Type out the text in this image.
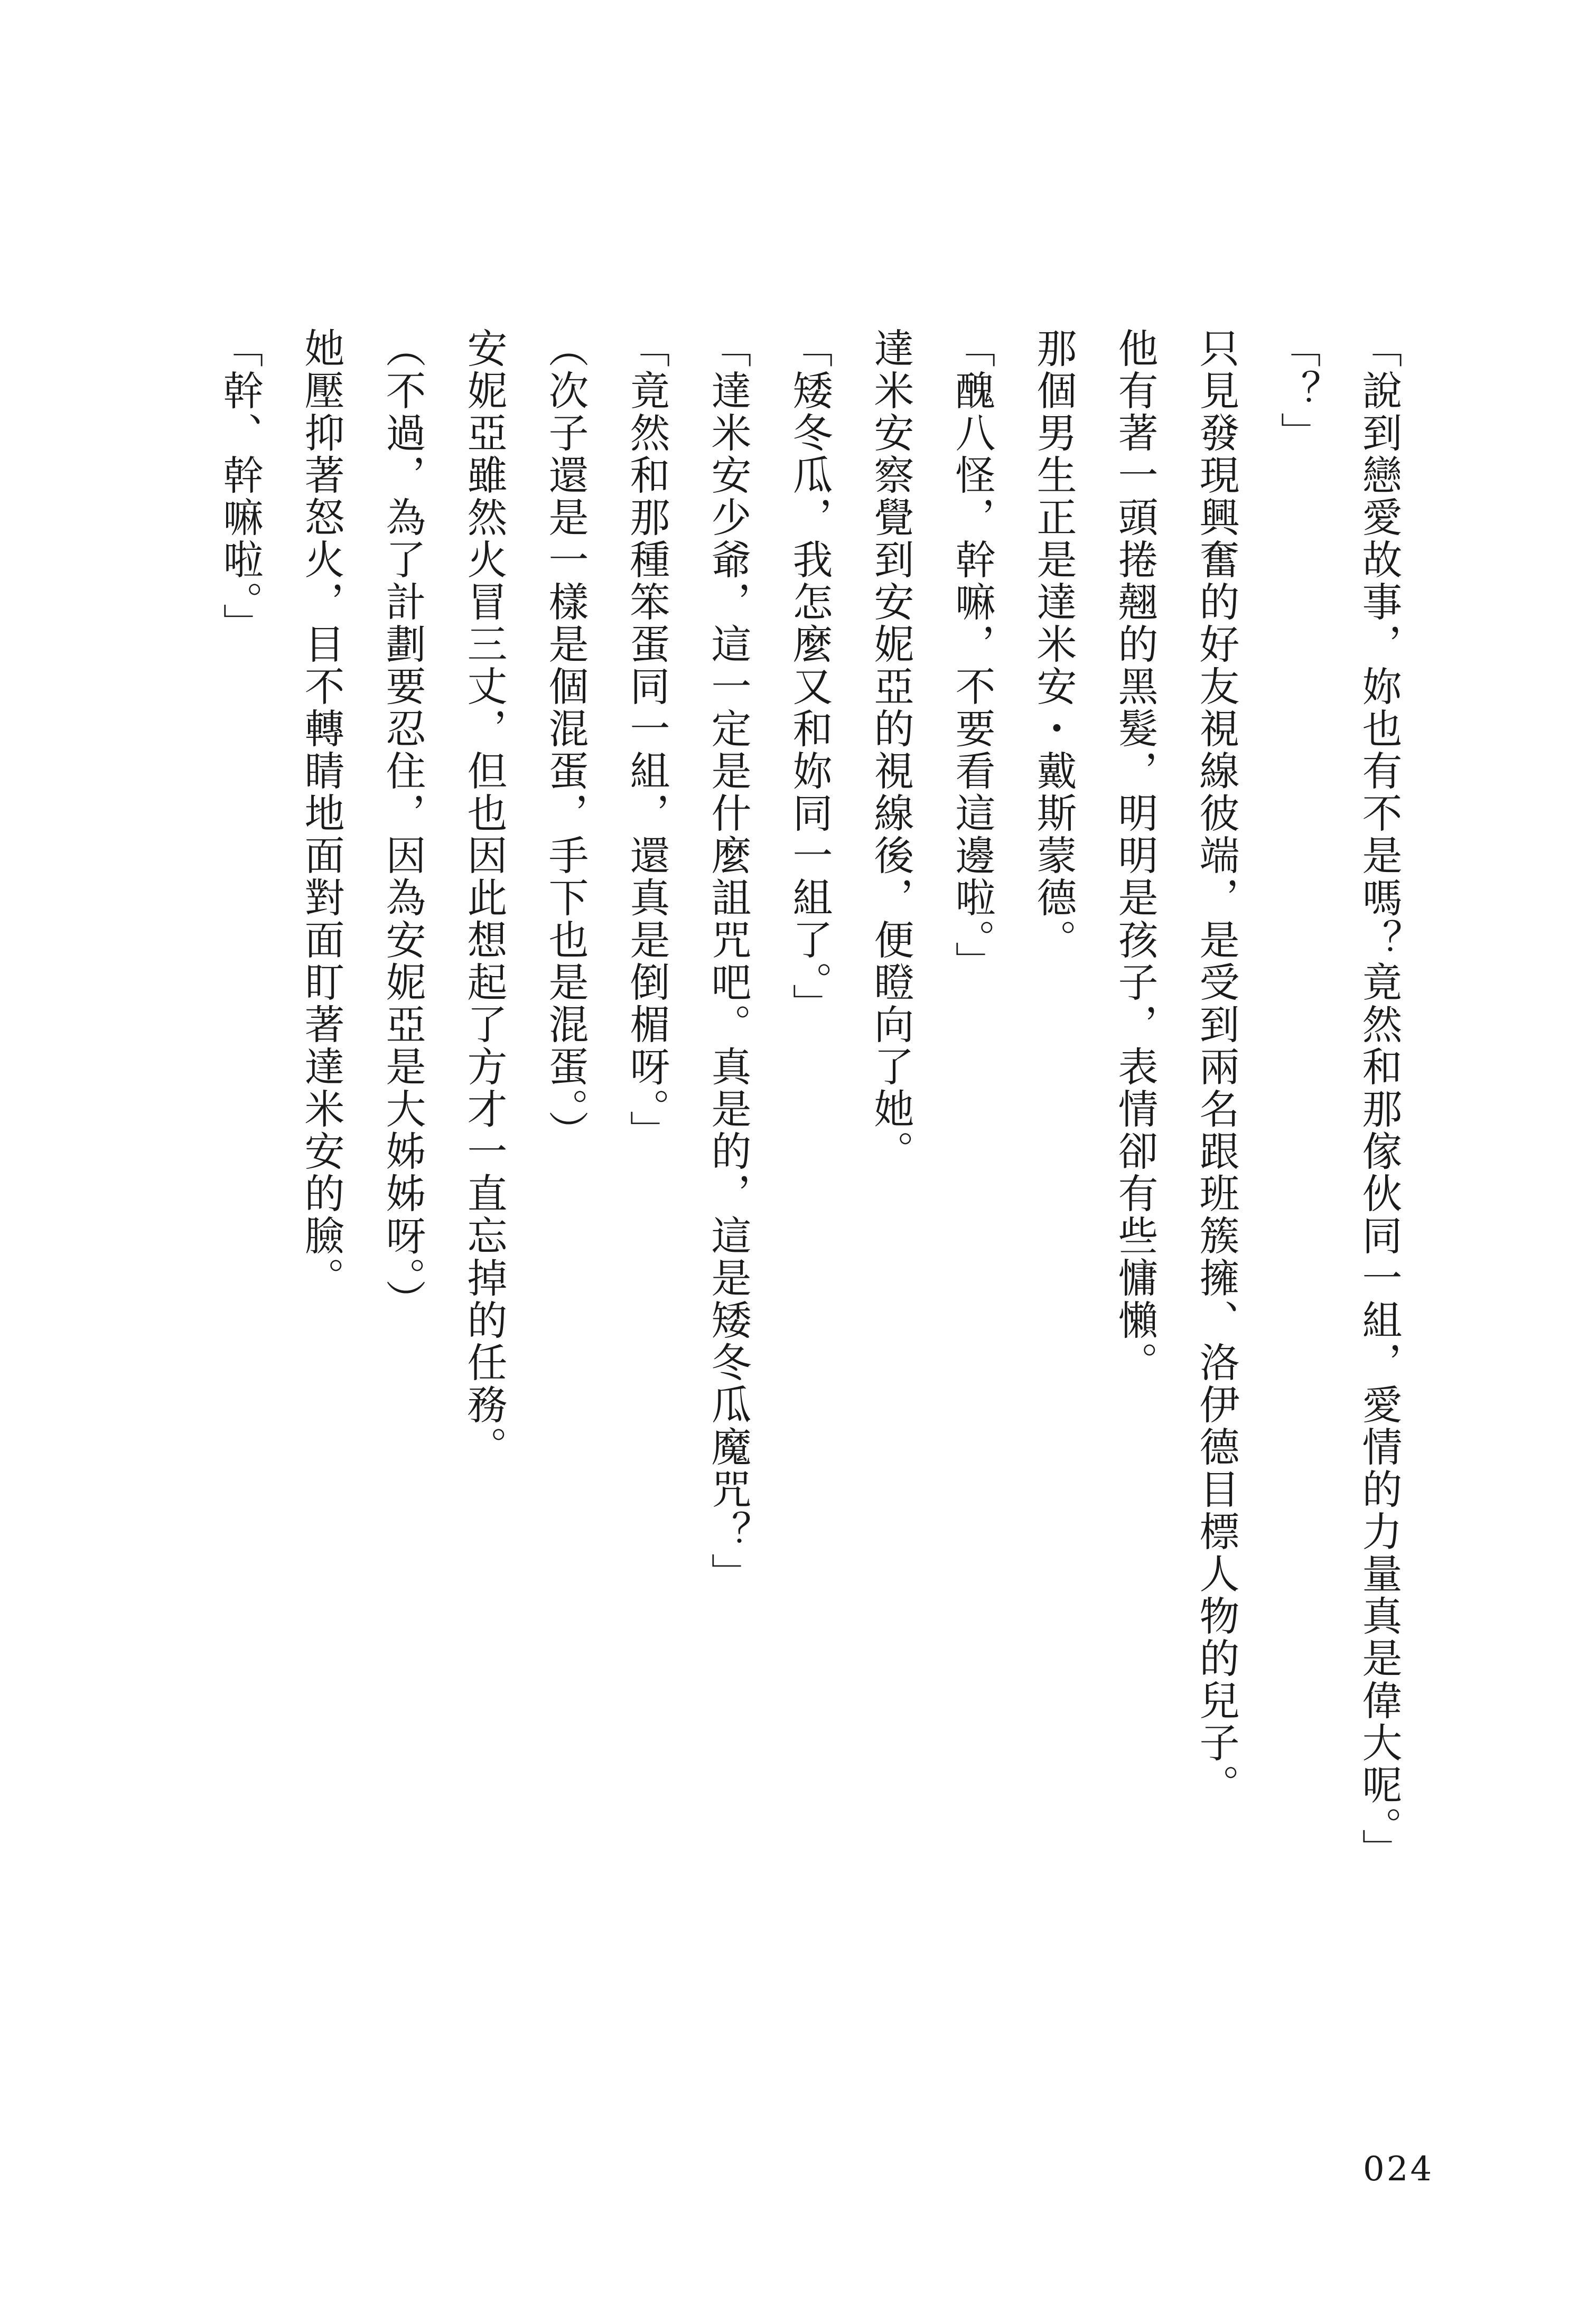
「說到戀愛故事，妳也有不是嗎？竟然和那傢伙同一組，愛情的力量真是偉大呢。」
「？」
只見發現興奮的好友視線彼端，是受到兩名跟班簇擁、洛伊德目標人物的兒子。
他有著一頭捲翹的黑髮，明明是孩子，表情卻有些慵懶。
那個男生正是達米安・戴斯蒙德。
「醜八怪，幹嘛，不要看這邊啦。」
達米安察覺到安妮亞的視線後，便瞪向了她。
「矮冬瓜，我怎麼又和妳同一組了。」
「達米安少爺，這一定是什麼詛咒吧。真是的，這是矮冬瓜魔咒？」
「竟然和那種笨蛋同一組，還真是倒楣呀。」
（次子還是一樣是個混蛋，手下也是混蛋。）
安妮亞雖然火冒三丈，但也因此想起了方才一直忘掉的任務。
（不過，為了計劃要忍住，因為安妮亞是大姊姊呀。）
她壓抑著怒火，目不轉睛地面對面盯著達米安的臉。
「幹、幹嘛啦。」
024
